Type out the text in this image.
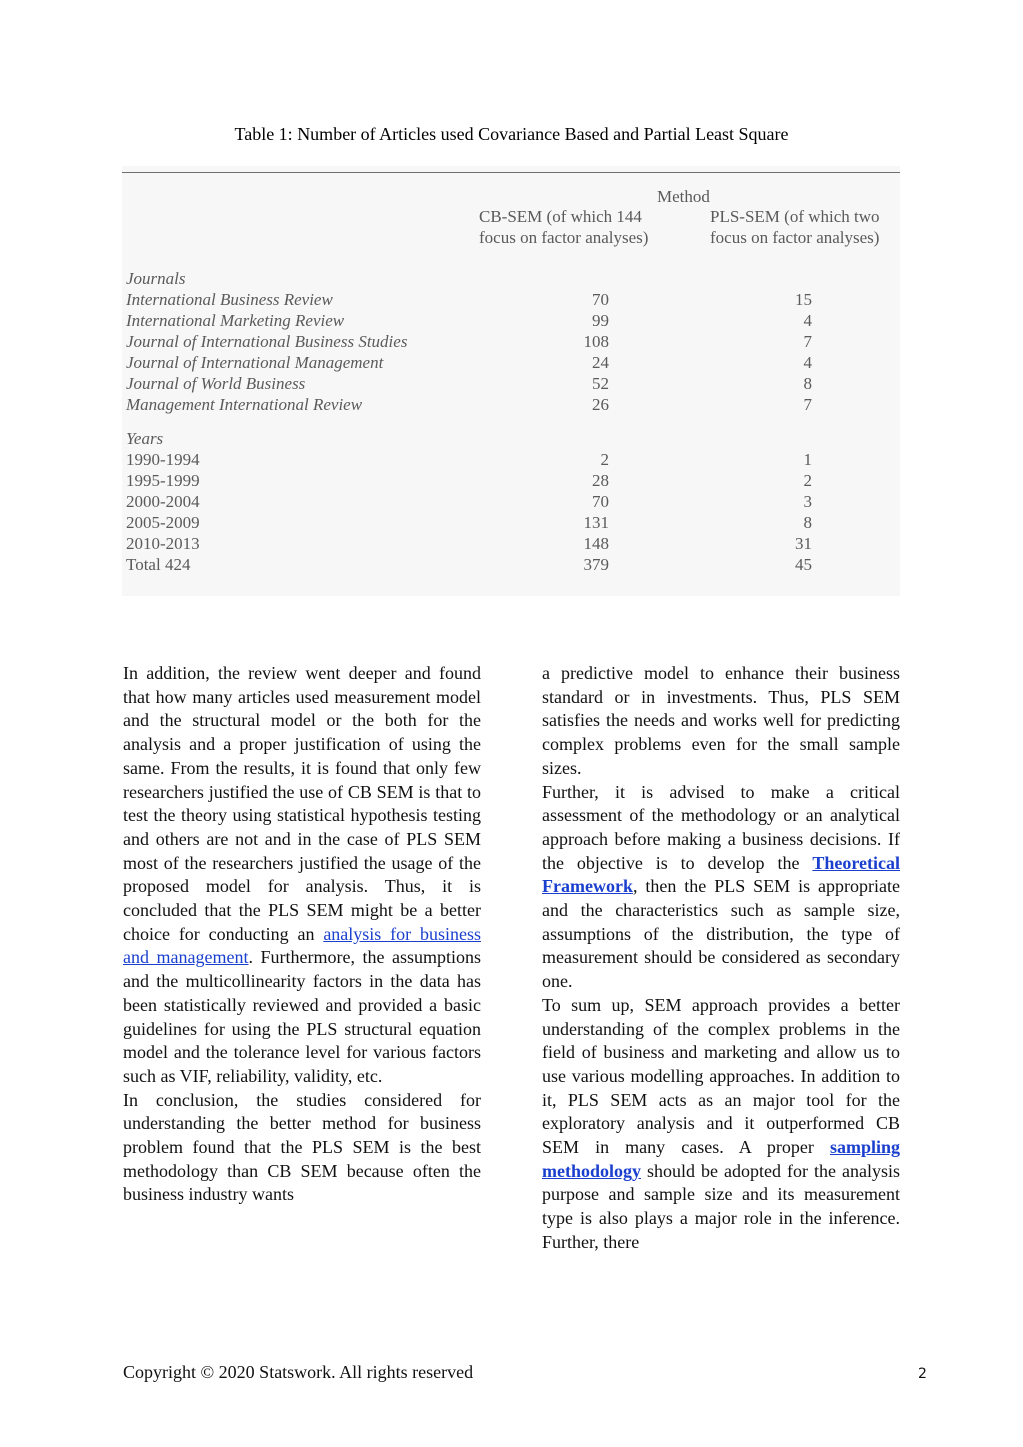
Table 1: Number of Articles used Covariance Based and Partial Least Square
Method
CB-SEM (of which 144
focus on factor analyses)
PLS-SEM (of which two
focus on factor analyses)
Journals
International Business Review	70	15
International Marketing Review	99	4
Journal of International Business Studies	108	7
Journal of International Management	24	4
Journal of World Business	52	8
Management International Review	26	7
Years
1990-1994	2	1
1995-1999	28	2
2000-2004	70	3
2005-2009	131	8
2010-2013	148	31
Total 424	379	45

In addition, the review went deeper and found that how many articles used measurement model and the structural model or the both for the analysis and a proper justification of using the same. From the results, it is found that only few researchers justified the use of CB SEM is that to test the theory using statistical hypothesis testing and others are not and in the case of PLS SEM most of the researchers justified the usage of the proposed model for analysis. Thus, it is concluded that the PLS SEM might be a better choice for conducting an analysis for business and management. Furthermore, the assumptions and the multicollinearity factors in the data has been statistically reviewed and provided a basic guidelines for using the PLS structural equation model and the tolerance level for various factors such as VIF, reliability, validity, etc.

In conclusion, the studies considered for understanding the better method for business problem found that the PLS SEM is the best methodology than CB SEM because often the business industry wants

a predictive model to enhance their business standard or in investments. Thus, PLS SEM satisfies the needs and works well for predicting complex problems even for the small sample sizes.

Further, it is advised to make a critical assessment of the methodology or an analytical approach before making a business decisions. If the objective is to develop the Theoretical Framework, then the PLS SEM is appropriate and the characteristics such as sample size, assumptions of the distribution, the type of measurement should be considered as secondary one.

To sum up, SEM approach provides a better understanding of the complex problems in the field of business and marketing and allow us to use various modelling approaches. In addition to it, PLS SEM acts as an major tool for the exploratory analysis and it outperformed CB SEM in many cases. A proper sampling methodology should be adopted for the analysis purpose and sample size and its measurement type is also plays a major role in the inference. Further, there

Copyright © 2020 Statswork. All rights reserved	2
